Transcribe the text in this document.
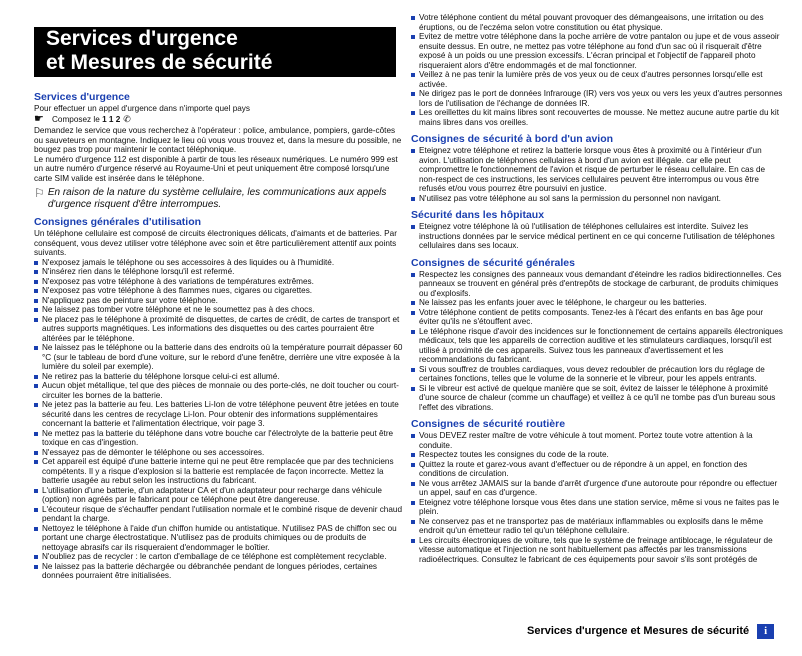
Services d'urgence
et Mesures de sécurité
Services d'urgence

Pour effectuer un appel d'urgence dans n'importe quel pays

☛ Composez le
1 1 2 ✆

Demandez le service que vous recherchez à l'opérateur : police, ambulance, pompiers, garde-côtes ou sauveteurs en montagne. Indiquez le lieu où vous vous trouvez et, dans la mesure du possible, ne bougez pas trop pour maintenir le contact téléphonique.

Le numéro d'urgence 112 est disponible à partir de tous les réseaux numériques. Le numéro 999 est un autre numéro d'urgence réservé au Royaume-Uni et peut uniquement être composé lorsqu'une carte SIM valide est insérée dans le téléphone.

⚐ En raison de la nature du système cellulaire, les communications aux appels d'urgence risquent d'être interrompues.
Consignes générales d'utilisation

Un téléphone cellulaire est composé de circuits électroniques délicats, d'aimants et de batteries. Par conséquent, vous devez utiliser votre téléphone avec soin et être particulièrement attentif aux points suivants.

N'exposez jamais le téléphone ou ses accessoires à des liquides ou à l'humidité.
N'insérez rien dans le téléphone lorsqu'il est refermé.
N'exposez pas votre téléphone à des variations de températures extrêmes.
N'exposez pas votre téléphone à des flammes nues, cigares ou cigarettes.
N'appliquez pas de peinture sur votre téléphone.
Ne laissez pas tomber votre téléphone et ne le soumettez pas à des chocs.
Ne placez pas le téléphone à proximité de disquettes, de cartes de crédit, de cartes de transport et autres supports magnétiques. Les informations des disquettes ou des cartes pourraient être altérées par le téléphone.
Ne laissez pas le téléphone ou la batterie dans des endroits où la température pourrait dépasser 60 °C (sur le tableau de bord d'une voiture, sur le rebord d'une fenêtre, derrière une vitre exposée à la lumière du soleil par exemple).
Ne retirez pas la batterie du téléphone lorsque celui-ci est allumé.
Aucun objet métallique, tel que des pièces de monnaie ou des porte-clés, ne doit toucher ou court-circuiter les bornes de la batterie.
Ne jetez pas la batterie au feu. Les batteries Li-Ion de votre téléphone peuvent être jetées en toute sécurité dans les centres de recyclage Li-Ion. Pour obtenir des informations supplémentaires concernant la batterie et l'alimentation électrique, voir page 3.
Ne mettez pas la batterie du téléphone dans votre bouche car l'électrolyte de la batterie peut être toxique en cas d'ingestion.
N'essayez pas de démonter le téléphone ou ses accessoires.
Cet appareil est équipé d'une batterie interne qui ne peut être remplacée que par des techniciens compétents. Il y a risque d'explosion si la batterie est remplacée de façon incorrecte. Mettez la batterie usagée au rebut selon les instructions du fabricant.
L'utilisation d'une batterie, d'un adaptateur CA et d'un adaptateur pour recharge dans véhicule (option) non agréés par le fabricant pour ce téléphone peut être dangereuse.
L'écouteur risque de s'échauffer pendant l'utilisation normale et le combiné risque de devenir chaud pendant la charge.
Nettoyez le téléphone à l'aide d'un chiffon humide ou antistatique. N'utilisez PAS de chiffon sec ou portant une charge électrostatique. N'utilisez pas de produits chimiques ou de produits de nettoyage abrasifs car ils risqueraient d'endommager le boîtier.
N'oubliez pas de recycler : le carton d'emballage de ce téléphone est complètement recyclable.
Ne laissez pas la batterie déchargée ou débranchée pendant de longues périodes, certaines données pourraient être initialisées.
Votre téléphone contient du métal pouvant provoquer des démangeaisons, une irritation ou des éruptions, ou de l'eczéma selon votre constitution ou état physique.
Evitez de mettre votre téléphone dans la poche arrière de votre pantalon ou jupe et de vous asseoir ensuite dessus. En outre, ne mettez pas votre téléphone au fond d'un sac où il risquerait d'être exposé à un poids ou une pression excessifs. L'écran principal et l'objectif de l'appareil photo risqueraient alors d'être endommagés et de mal fonctionner.
Veillez à ne pas tenir la lumière près de vos yeux ou de ceux d'autres personnes lorsqu'elle est activée.
Ne dirigez pas le port de données Infrarouge (IR) vers vos yeux ou vers les yeux d'autres personnes lors de l'utilisation de l'échange de données IR.
Les oreillettes du kit mains libres sont recouvertes de mousse. Ne mettez aucune autre partie du kit mains libres dans vos oreilles.
Consignes de sécurité à bord d'un avion
Eteignez votre téléphone et retirez la batterie lorsque vous êtes à proximité ou à l'intérieur d'un avion. L'utilisation de téléphones cellulaires à bord d'un avion est illégale. car elle peut compromettre le fonctionnement de l'avion et risque de perturber le réseau cellulaire. En cas de non-respect de ces instructions, les services cellulaires peuvent être interrompus ou vous être refusés et/ou vous pourrez être poursuivi en justice.
N'utilisez pas votre téléphone au sol sans la permission du personnel non navigant.
Sécurité dans les hôpitaux
Eteignez votre téléphone là où l'utilisation de téléphones cellulaires est interdite. Suivez les instructions données par le service médical pertinent en ce qui concerne l'utilisation de téléphones cellulaires dans ses locaux.
Consignes de sécurité générales
Respectez les consignes des panneaux vous demandant d'éteindre les radios bidirectionnelles. Ces panneaux se trouvent en général près d'entrepôts de stockage de carburant, de produits chimiques ou d'explosifs.
Ne laissez pas les enfants jouer avec le téléphone, le chargeur ou les batteries.
Votre téléphone contient de petits composants. Tenez-les à l'écart des enfants en bas âge pour éviter qu'ils ne s'étouffent avec.
Le téléphone risque d'avoir des incidences sur le fonctionnement de certains appareils électroniques médicaux, tels que les appareils de correction auditive et les stimulateurs cardiaques, lorsqu'il est utilisé à proximité de ces appareils. Suivez tous les panneaux d'avertissement et les recommandations du fabricant.
Si vous souffrez de troubles cardiaques, vous devez redoubler de précaution lors du réglage de certaines fonctions, telles que le volume de la sonnerie et le vibreur, pour les appels entrants.
Si le vibreur est activé de quelque manière que se soit, évitez de laisser le téléphone à proximité d'une source de chaleur (comme un chauffage) et veillez à ce qu'il ne tombe pas d'un bureau sous l'effet des vibrations.
Consignes de sécurité routière
Vous DEVEZ rester maître de votre véhicule à tout moment. Portez toute votre attention à la conduite.
Respectez toutes les consignes du code de la route.
Quittez la route et garez-vous avant d'effectuer ou de répondre à un appel, en fonction des conditions de circulation.
Ne vous arrêtez JAMAIS sur la bande d'arrêt d'urgence d'une autoroute pour répondre ou effectuer un appel, sauf en cas d'urgence.
Eteignez votre téléphone lorsque vous êtes dans une station service, même si vous ne faites pas le plein.
Ne conservez pas et ne transportez pas de matériaux inflammables ou explosifs dans le même endroit qu'un émetteur radio tel qu'un téléphone cellulaire.
Les circuits électroniques de voiture, tels que le système de freinage antiblocage, le régulateur de vitesse automatique et l'injection ne sont habituellement pas affectés par les transmissions radioélectriques. Consultez le fabricant de ces équipements pour savoir s'ils sont protégés de
Services d'urgence et Mesures de sécurité	i
